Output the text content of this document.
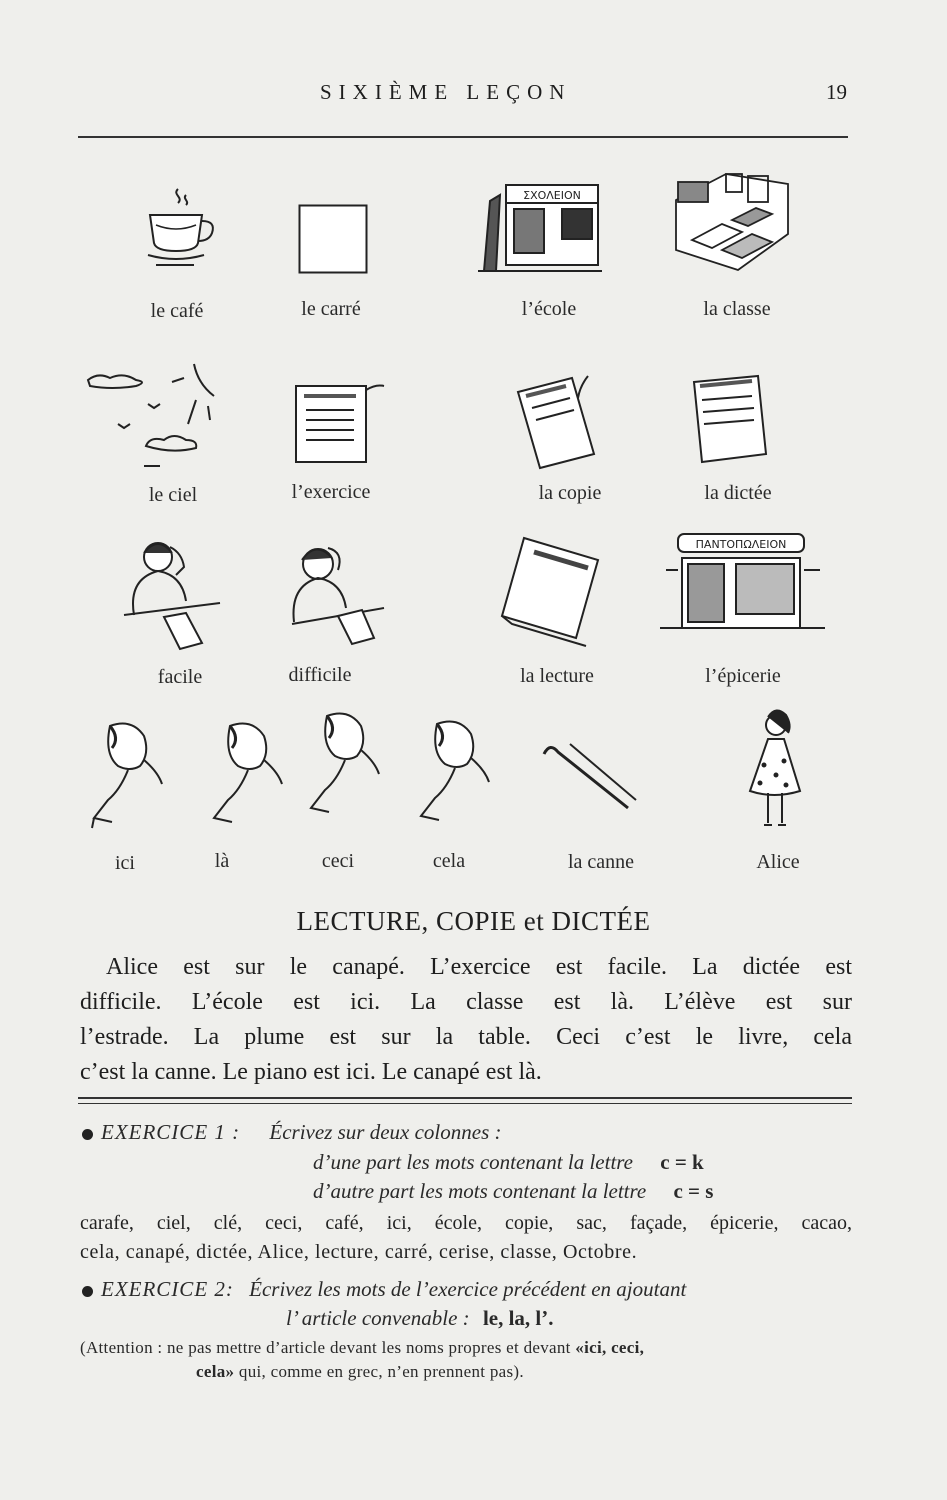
SIXIÈME LEÇON	19
ΣΧΟΛΕΙΟΝ
ΠΑΝΤΟΠΩΛΕΙΟΝ
le café	le carré	l’école	la classe
le ciel	l’exercice	la copie	la dictée
facile	difficile	la lecture	l’épicerie
ici	là	ceci	cela	la canne	Alice
LECTURE, COPIE et DICTÉE
Alice est sur le canapé. L’exercice est facile. La dictée est
difficile. L’école est ici. La classe est là. L’élève est sur
l’estrade. La plume est sur la table. Ceci c’est le livre, cela
c’est la canne. Le piano est ici. Le canapé est là.
EXERCICE 1 : Écrivez sur deux colonnes :
d’une part les mots contenant la lettre c = k
d’autre part les mots contenant la lettre c = s
carafe, ciel, clé, ceci, café, ici, école, copie, sac, façade, épicerie, cacao,
cela, canapé, dictée, Alice, lecture, carré, cerise, classe, Octobre.
EXERCICE 2: Écrivez les mots de l’exercice précédent en ajoutant
l’ article convenable : le, la, l’.
(Attention : ne pas mettre d’article devant les noms propres et devant «ici, ceci,
cela» qui, comme en grec, n’en prennent pas).
